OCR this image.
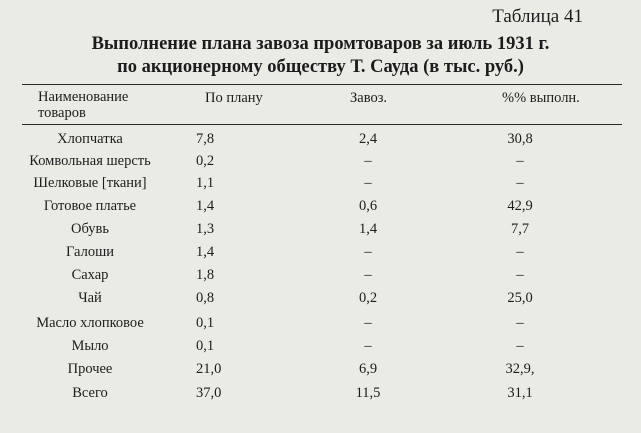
Таблица 41
Выполнение плана завоза промтоваров за июль 1931 г.
по акционерному обществу Т. Сауда (в тыс. руб.)
Наименование
товаров
По плану	Завоз.	%% выполн.
Хлопчатка	7,8	2,4	30,8
Комвольная шерсть	0,2	–	–
Шелковые [ткани]	1,1	–	–
Готовое платье	1,4	0,6	42,9
Обувь	1,3	1,4	7,7
Галоши	1,4	–	–
Сахар	1,8	–	–
Чай	0,8	0,2	25,0
Масло хлопковое	0,1	–	–
Мыло	0,1	–	–
Прочее	21,0	6,9	32,9,
Всего	37,0	11,5	31,1
